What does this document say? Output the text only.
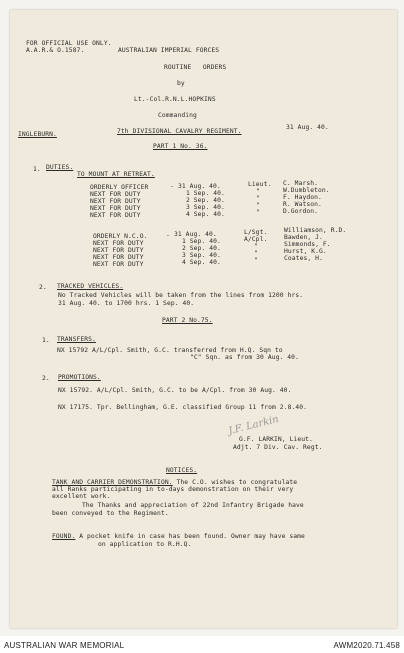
FOR OFFICIAL USE ONLY.
A.A.R.& O.1587.	AUSTRALIAN IMPERIAL FORCES
ROUTINE   ORDERS
by
Lt.-Col.R.N.L.HOPKINS
Commanding
INGLEBURN.	7th DIVISIONAL CAVALRY REGIMENT.
31 Aug. 40.
PART 1 No. 36.
1. DUTIES.
TO MOUNT AT RETREAT.
ORDERLY OFFICER	- 31 Aug. 40.	Lieut. C. Marsh.
NEXT FOR DUTY	1 Sep. 40.	"	W.Dumbleton.
NEXT FOR DUTY	2 Sep. 40.	"	F. Haydon.
NEXT FOR DUTY	3 Sep. 40.	"	R. Watson.
NEXT FOR DUTY	4 Sep. 40.	"	D.Gordon.
ORDERLY N.C.O.	- 31 Aug. 40.	L/Sgt.	Williamson, R.D.
NEXT FOR DUTY	1 Sep. 40.	A/Cpl.	Bawden, J.
NEXT FOR DUTY	2 Sep. 40.	"	Simmonds, F.
NEXT FOR DUTY	3 Sep. 40.	"	Hurst, K.G.
NEXT FOR DUTY	4 Sep. 40.	"	Coates, H.
2. TRACKED VEHICLES.
No Tracked Vehicles will be taken from the lines from 1200 hrs.
31 Aug. 40. to 1700 hrs. 1 Sep. 40.
PART 2 No.75.
1. TRANSFERS.
NX 15792 A/L/Cpl. Smith, G.C. transferred from H.Q. Sqn to
"C" Sqn. as from 30 Aug. 40.
2. PROMOTIONS.
NX 15792. A/L/Cpl. Smith, G.C. to be A/Cpl. from 30 Aug. 40.
NX 17175. Tpr. Bellingham, G.E. classified Group 11 from 2.8.40.
J.F. Larkin
G.F. LARKIN, Lieut.
Adjt. 7 Div. Cav. Regt.
NOTICES.
TANK AND CARRIER DEMONSTRATION. The C.O. wishes to congratulate
all Ranks participating in to-days demonstration on their very
excellent work.
The Thanks and appreciation of 22nd Infantry Brigade have
been conveyed to the Regiment.
FOUND. A pocket knife in case has been found. Owner may have same
on application to R.H.Q.
AUSTRALIAN WAR MEMORIAL	AWM2020.71.458
